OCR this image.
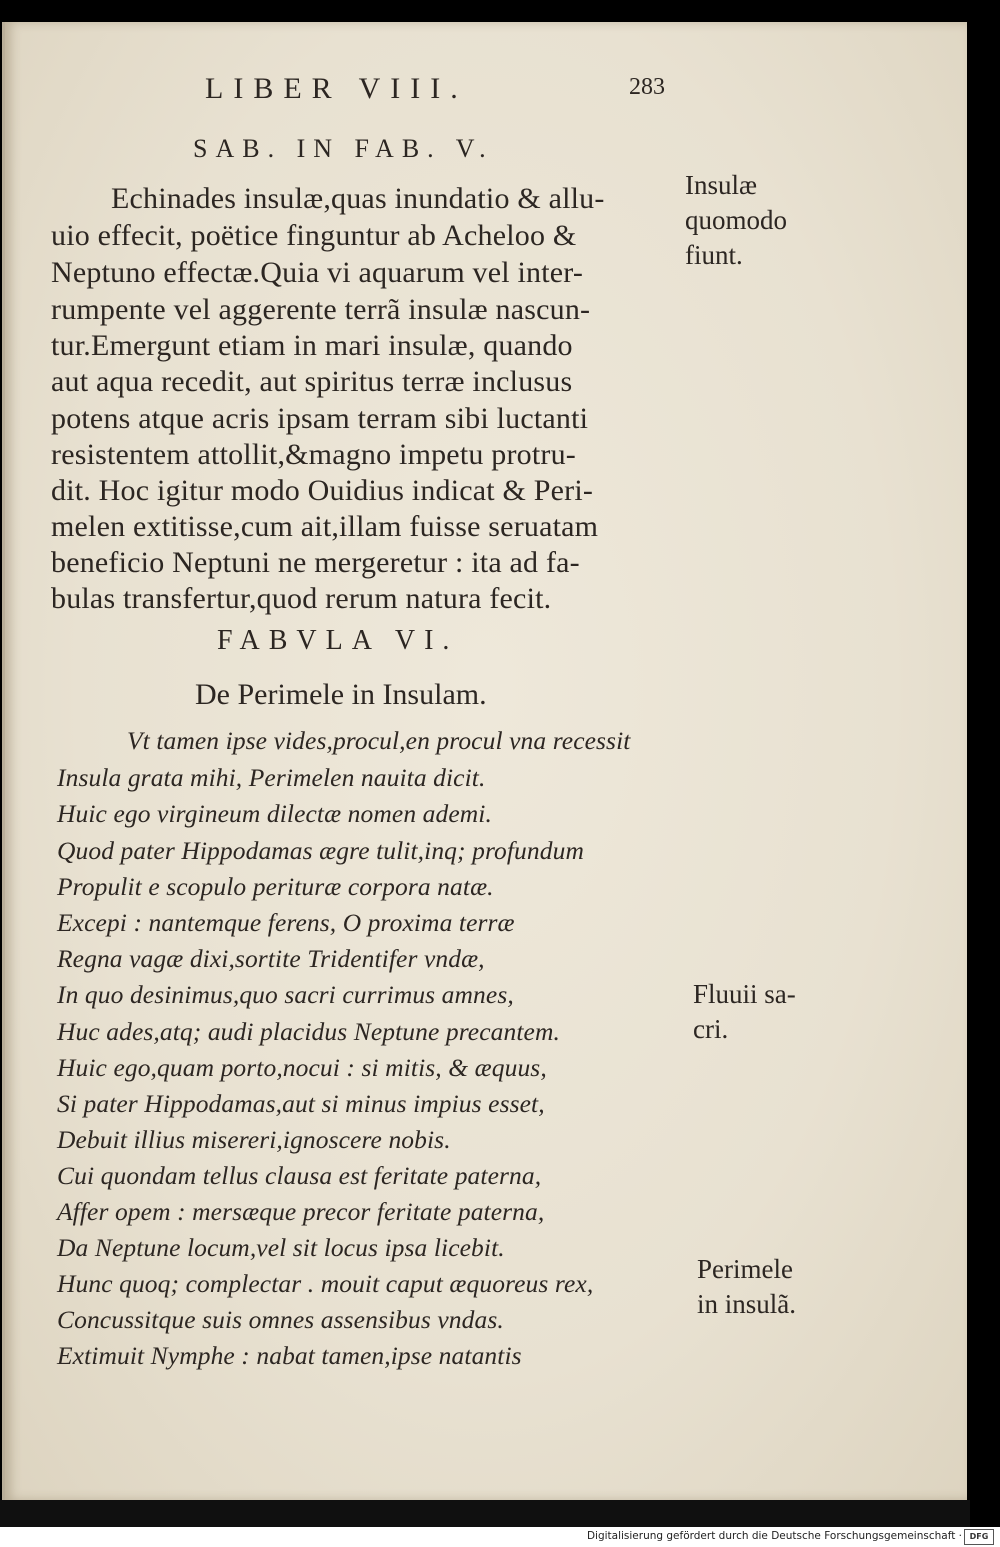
LIBER VIII.	283
SAB. IN FAB. V.
Echinades insulæ,quas inundatio & allu-
uio effecit, poëtice finguntur ab Acheloo &
Neptuno effectæ.Quia vi aquarum vel inter-
rumpente vel aggerente terrã insulæ nascun-
tur.Emergunt etiam in mari insulæ, quando
aut aqua recedit, aut spiritus terræ inclusus
potens atque acris ipsam terram sibi luctanti
resistentem attollit,&magno impetu protru-
dit. Hoc igitur modo Ouidius indicat & Peri-
melen extitisse,cum ait,illam fuisse seruatam
beneficio Neptuni ne mergeretur : ita ad fa-
bulas transfertur,quod rerum natura fecit.
FABVLA VI.
De Perimele in Insulam.
Vt tamen ipse vides,procul,en procul vna recessit
Insula grata mihi, Perimelen nauita dicit.
Huic ego virgineum dilectæ nomen ademi.
Quod pater Hippodamas ægre tulit,inq; profundum
Propulit e scopulo perituræ corpora natæ.
Excepi : nantemque ferens, O proxima terræ
Regna vagæ dixi,sortite Tridentifer vndæ,
In quo desinimus,quo sacri currimus amnes,
Huc ades,atq; audi placidus Neptune precantem.
Huic ego,quam porto,nocui : si mitis, & æquus,
Si pater Hippodamas,aut si minus impius esset,
Debuit illius misereri,ignoscere nobis.
Cui quondam tellus clausa est feritate paterna,
Affer opem : mersæque precor feritate paterna,
Da Neptune locum,vel sit locus ipsa licebit.
Hunc quoq; complectar . mouit caput æquoreus rex,
Concussitque suis omnes assensibus vndas.
Extimuit Nymphe : nabat tamen,ipse natantis
Insulæ
quomodo
fiunt.
Fluuii sa-
cri.
Perimele
in insulã.
Digitalisierung gefördert durch die Deutsche Forschungsgemeinschaft · DFG
